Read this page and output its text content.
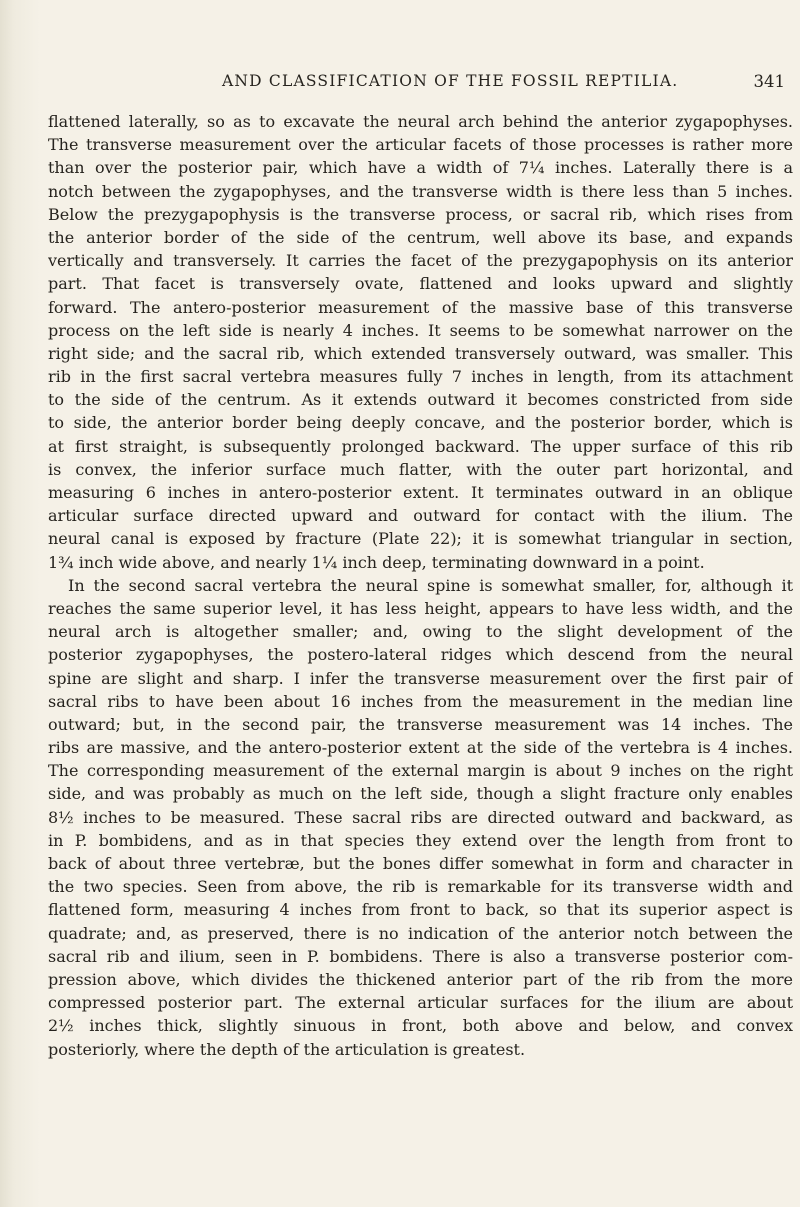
AND CLASSIFICATION OF THE FOSSIL REPTILIA.	341
flattened laterally, so as to excavate the neural arch behind the anterior zygapophyses.
The transverse measurement over the articular facets of those processes is rather more
than over the posterior pair, which have a width of 7¼ inches. Laterally there is a
notch between the zygapophyses, and the transverse width is there less than 5 inches.
Below the prezygapophysis is the transverse process, or sacral rib, which rises from
the anterior border of the side of the centrum, well above its base, and expands
vertically and transversely. It carries the facet of the prezygapophysis on its anterior
part. That facet is transversely ovate, flattened and looks upward and slightly
forward. The antero-posterior measurement of the massive base of this transverse
process on the left side is nearly 4 inches. It seems to be somewhat narrower on the
right side; and the sacral rib, which extended transversely outward, was smaller. This
rib in the first sacral vertebra measures fully 7 inches in length, from its attachment
to the side of the centrum. As it extends outward it becomes constricted from side
to side, the anterior border being deeply concave, and the posterior border, which is
at first straight, is subsequently prolonged backward. The upper surface of this rib
is convex, the inferior surface much flatter, with the outer part horizontal, and
measuring 6 inches in antero-posterior extent. It terminates outward in an oblique
articular surface directed upward and outward for contact with the ilium. The
neural canal is exposed by fracture (Plate 22); it is somewhat triangular in section,
1¾ inch wide above, and nearly 1¼ inch deep, terminating downward in a point.
In the second sacral vertebra the neural spine is somewhat smaller, for, although it
reaches the same superior level, it has less height, appears to have less width, and the
neural arch is altogether smaller; and, owing to the slight development of the
posterior zygapophyses, the postero-lateral ridges which descend from the neural
spine are slight and sharp. I infer the transverse measurement over the first pair of
sacral ribs to have been about 16 inches from the measurement in the median line
outward; but, in the second pair, the transverse measurement was 14 inches. The
ribs are massive, and the antero-posterior extent at the side of the vertebra is 4 inches.
The corresponding measurement of the external margin is about 9 inches on the right
side, and was probably as much on the left side, though a slight fracture only enables
8½ inches to be measured. These sacral ribs are directed outward and backward, as
in P. bombidens, and as in that species they extend over the length from front to
back of about three vertebræ, but the bones differ somewhat in form and character in
the two species. Seen from above, the rib is remarkable for its transverse width and
flattened form, measuring 4 inches from front to back, so that its superior aspect is
quadrate; and, as preserved, there is no indication of the anterior notch between the
sacral rib and ilium, seen in P. bombidens. There is also a transverse posterior com-
pression above, which divides the thickened anterior part of the rib from the more
compressed posterior part. The external articular surfaces for the ilium are about
2½ inches thick, slightly sinuous in front, both above and below, and convex
posteriorly, where the depth of the articulation is greatest.
